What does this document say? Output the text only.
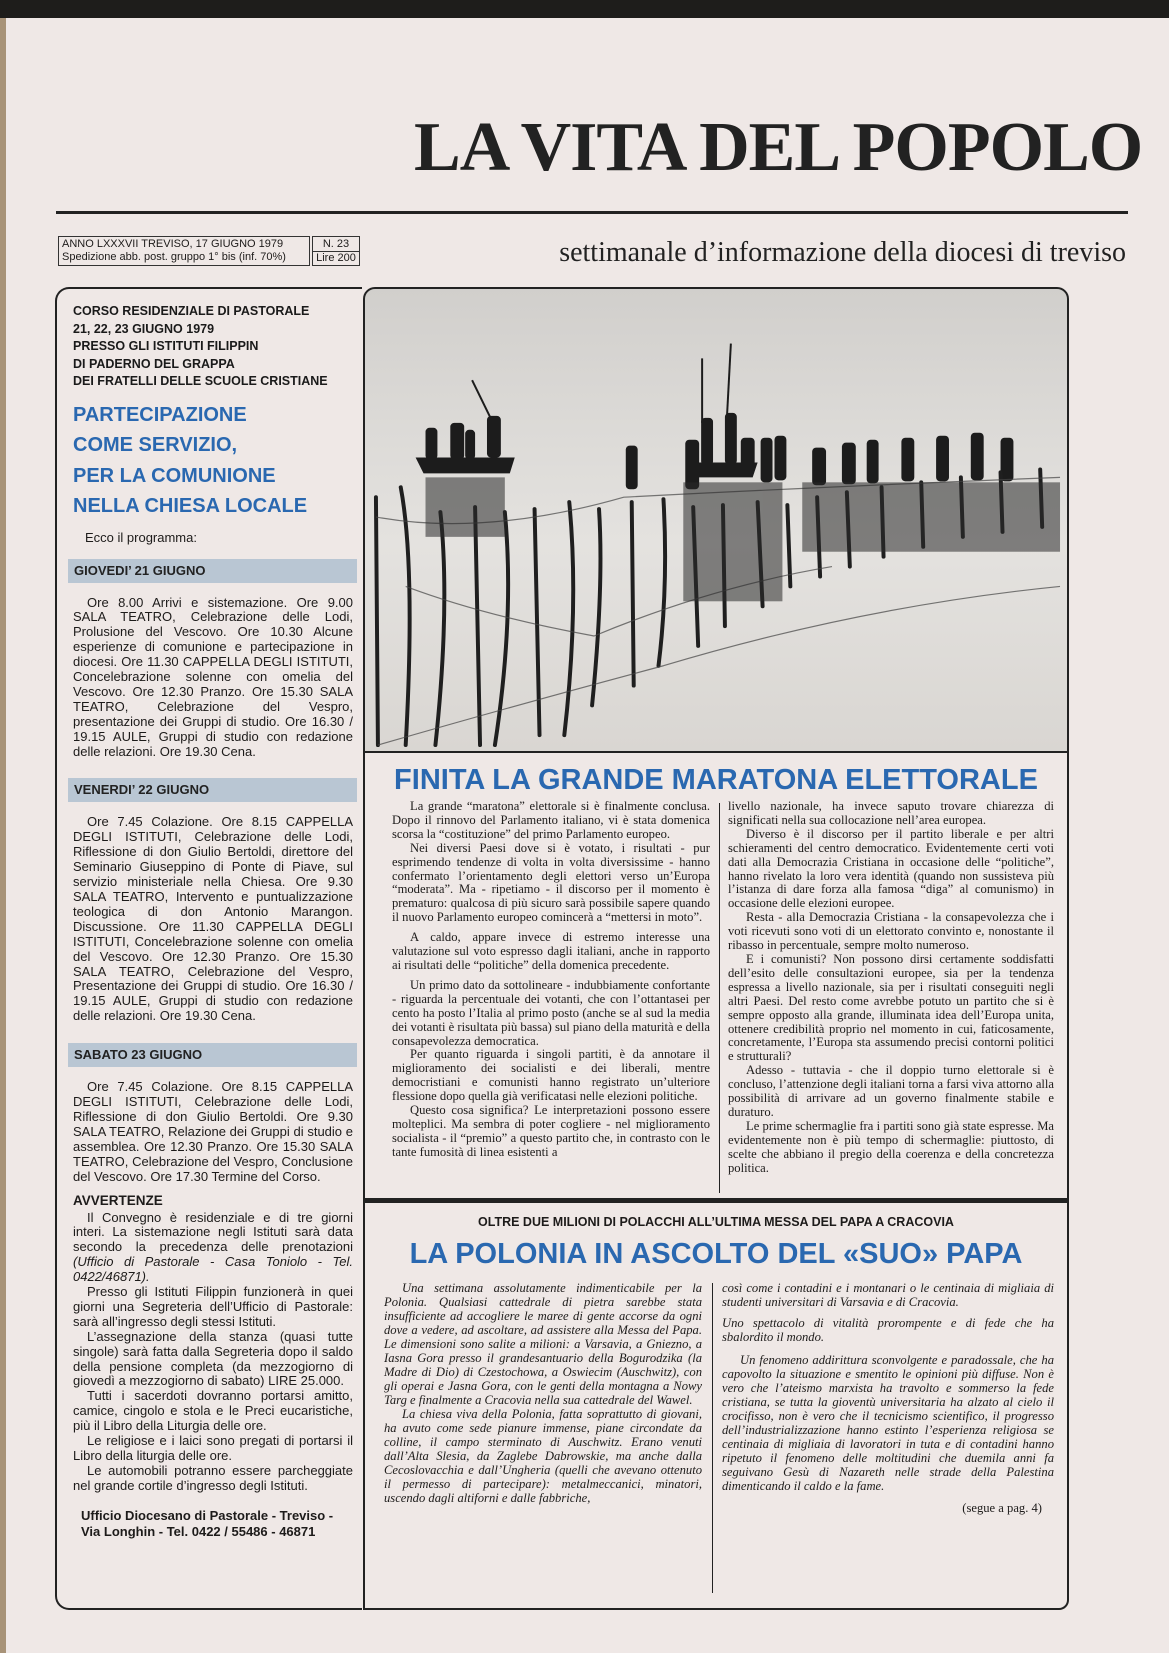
LA VITA DEL POPOLO
ANNO LXXXVII TREVISO, 17 GIUGNO 1979
Spedizione abb. post. gruppo 1° bis (inf. 70%)
N. 23
Lire 200	settimanale d’informazione della diocesi di treviso
CORSO RESIDENZIALE DI PASTORALE
21, 22, 23 GIUGNO 1979
PRESSO GLI ISTITUTI FILIPPIN
DI PADERNO DEL GRAPPA
DEI FRATELLI DELLE SCUOLE CRISTIANE
PARTECIPAZIONE
COME SERVIZIO,
PER LA COMUNIONE
NELLA CHIESA LOCALE
Ecco il programma:
GIOVEDI’ 21 GIUGNO

Ore 8.00 Arrivi e sistemazione. Ore 9.00 SALA TEATRO, Celebrazione delle Lodi, Prolusione del Vescovo. Ore 10.30 Alcune esperienze di comunione e partecipazione in diocesi. Ore 11.30 CAPPELLA DEGLI ISTITUTI, Concelebrazione solenne con omelia del Vescovo. Ore 12.30 Pranzo. Ore 15.30 SALA TEATRO, Celebrazione del Vespro, presentazione dei Gruppi di studio. Ore 16.30 / 19.15 AULE, Gruppi di studio con redazione delle relazioni. Ore 19.30 Cena.

VENERDI’ 22 GIUGNO

Ore 7.45 Colazione. Ore 8.15 CAPPELLA DEGLI ISTITUTI, Celebrazione delle Lodi, Riflessione di don Giulio Bertoldi, direttore del Seminario Giuseppino di Ponte di Piave, sul servizio ministeriale nella Chiesa. Ore 9.30 SALA TEATRO, Intervento e puntualizzazione teologica di don Antonio Marangon. Discussione. Ore 11.30 CAPPELLA DEGLI ISTITUTI, Concelebrazione solenne con omelia del Vescovo. Ore 12.30 Pranzo. Ore 15.30 SALA TEATRO, Celebrazione del Vespro, Presentazione dei Gruppi di studio. Ore 16.30 / 19.15 AULE, Gruppi di studio con redazione delle relazioni. Ore 19.30 Cena.

SABATO 23 GIUGNO

Ore 7.45 Colazione. Ore 8.15 CAPPELLA DEGLI ISTITUTI, Celebrazione delle Lodi, Riflessione di don Giulio Bertoldi. Ore 9.30 SALA TEATRO, Relazione dei Gruppi di studio e assemblea. Ore 12.30 Pranzo. Ore 15.30 SALA TEATRO, Celebrazione del Vespro, Conclusione del Vescovo. Ore 17.30 Termine del Corso.

AVVERTENZE

Il Convegno è residenziale e di tre giorni interi. La sistemazione negli Istituti sarà data secondo la precedenza delle prenotazioni (Ufficio di Pastorale - Casa Toniolo - Tel. 0422/46871).

Presso gli Istituti Filippin funzionerà in quei giorni una Segreteria dell’Ufficio di Pastorale: sarà all’ingresso degli stessi Istituti.

L’assegnazione della stanza (quasi tutte singole) sarà fatta dalla Segreteria dopo il saldo della pensione completa (da mezzogiorno di giovedì a mezzogiorno di sabato) LIRE 25.000.

Tutti i sacerdoti dovranno portarsi amitto, camice, cingolo e stola e le Preci eucaristiche, più il Libro della Liturgia delle ore.

Le religiose e i laici sono pregati di portarsi il Libro della liturgia delle ore.

Le automobili potranno essere parcheggiate nel grande cortile d’ingresso degli Istituti.

Ufficio Diocesano di Pastorale - Treviso - Via Longhin - Tel. 0422 / 55486 - 46871
FINITA LA GRANDE MARATONA ELETTORALE

La grande “maratona” elettorale si è finalmente conclusa. Dopo il rinnovo del Parlamento italiano, vi è stata domenica scorsa la “costituzione” del primo Parlamento europeo.

Nei diversi Paesi dove si è votato, i risultati - pur esprimendo tendenze di volta in volta diversissime - hanno confermato l’orientamento degli elettori verso un’Europa “moderata”. Ma - ripetiamo - il discorso per il momento è prematuro: qualcosa di più sicuro sarà possibile sapere quando il nuovo Parlamento europeo comincerà a “mettersi in moto”.

A caldo, appare invece di estremo interesse una valutazione sul voto espresso dagli italiani, anche in rapporto ai risultati delle “politiche” della domenica precedente.

Un primo dato da sottolineare - indubbiamente confortante - riguarda la percentuale dei votanti, che con l’ottantasei per cento ha posto l’Italia al primo posto (anche se al sud la media dei votanti è risultata più bassa) sul piano della maturità e della consapevolezza democratica.

Per quanto riguarda i singoli partiti, è da annotare il miglioramento dei socialisti e dei liberali, mentre democristiani e comunisti hanno registrato un’ulteriore flessione dopo quella già verificatasi nelle elezioni politiche.

Questo cosa significa? Le interpretazioni possono essere molteplici. Ma sembra di poter cogliere - nel miglioramento socialista - il “premio” a questo partito che, in contrasto con le tante fumosità di linea esistenti a

livello nazionale, ha invece saputo trovare chiarezza di significati nella sua collocazione nell’area europea.

Diverso è il discorso per il partito liberale e per altri schieramenti del centro democratico. Evidentemente certi voti dati alla Democrazia Cristiana in occasione delle “politiche”, hanno rivelato la loro vera identità (quando non sussisteva più l’istanza di dare forza alla famosa “diga” al comunismo) in occasione delle elezioni europee.

Resta - alla Democrazia Cristiana - la consapevolezza che i voti ricevuti sono voti di un elettorato convinto e, nonostante il ribasso in percentuale, sempre molto numeroso.

E i comunisti? Non possono dirsi certamente soddisfatti dell’esito delle consultazioni europee, sia per la tendenza espressa a livello nazionale, sia per i risultati conseguiti negli altri Paesi. Del resto come avrebbe potuto un partito che si è sempre opposto alla grande, illuminata idea dell’Europa unita, ottenere credibilità proprio nel momento in cui, faticosamente, concretamente, l’Europa sta assumendo precisi contorni politici e strutturali?

Adesso - tuttavia - che il doppio turno elettorale si è concluso, l’attenzione degli italiani torna a farsi viva attorno alla possibilità di arrivare ad un governo finalmente stabile e duraturo.

Le prime schermaglie fra i partiti sono già state espresse. Ma evidentemente non è più tempo di schermaglie: piuttosto, di scelte che abbiano il pregio della coerenza e della concretezza politica.

OLTRE DUE MILIONI DI POLACCHI ALL’ULTIMA MESSA DEL PAPA A CRACOVIA
LA POLONIA IN ASCOLTO DEL «SUO» PAPA

Una settimana assolutamente indimenticabile per la Polonia. Qualsiasi cattedrale di pietra sarebbe stata insufficiente ad accogliere le maree di gente accorse da ogni dove a vedere, ad ascoltare, ad assistere alla Messa del Papa. Le dimensioni sono salite a milioni: a Varsavia, a Gniezno, a Iasna Gora presso il grandesantuario della Bogurodzika (la Madre di Dio) di Czestochowa, a Oswiecim (Auschwitz), con gli operai e Jasna Gora, con le genti della montagna a Nowy Targ e finalmente a Cracovia nella sua cattedrale del Wawel.

La chiesa viva della Polonia, fatta soprattutto di giovani, ha avuto come sede pianure immense, piane circondate da colline, il campo sterminato di Auschwitz. Erano venuti dall’Alta Slesia, da Zaglebe Dabrowskie, ma anche dalla Cecoslovacchia e dall’Ungheria (quelli che avevano ottenuto il permesso di partecipare): metalmeccanici, minatori, uscendo dagli altiforni e dalle fabbriche,

così come i contadini e i montanari o le centinaia di migliaia di studenti universitari di Varsavia e di Cracovia.

Uno spettacolo di vitalità prorompente e di fede che ha sbalordito il mondo.

Un fenomeno addirittura sconvolgente e paradossale, che ha capovolto la situazione e smentito le opinioni più diffuse. Non è vero che l’ateismo marxista ha travolto e sommerso la fede cristiana, se tutta la gioventù universitaria ha alzato al cielo il crocifisso, non è vero che il tecnicismo scientifico, il progresso dell’industrializzazione hanno estinto l’esperienza religiosa se centinaia di migliaia di lavoratori in tuta e di contadini hanno ripetuto il fenomeno delle moltitudini che duemila anni fa seguivano Gesù di Nazareth nelle strade della Palestina dimenticando il caldo e la fame.

(segue a pag. 4)
